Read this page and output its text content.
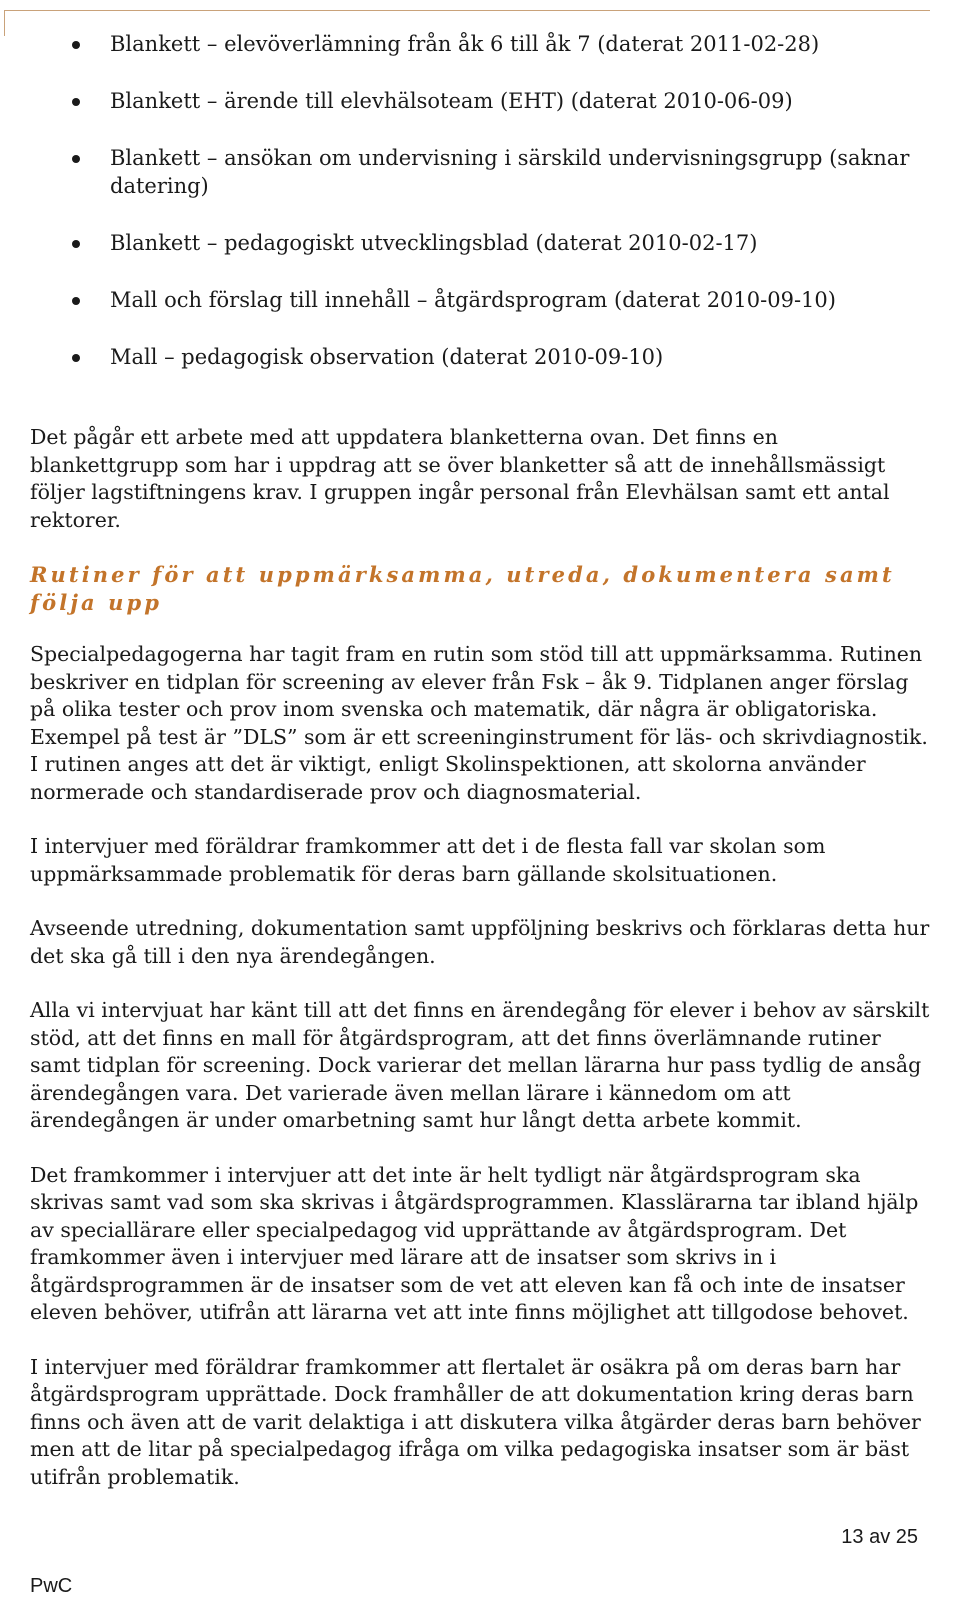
Blankett – elevöverlämning från åk 6 till åk 7 (daterat 2011-02-28)
Blankett – ärende till elevhälsoteam (EHT) (daterat 2010-06-09)
Blankett – ansökan om undervisning i särskild undervisningsgrupp (saknar datering)
Blankett – pedagogiskt utvecklingsblad (daterat 2010-02-17)
Mall och förslag till innehåll – åtgärdsprogram (daterat 2010-09-10)
Mall – pedagogisk observation (daterat 2010-09-10)

Det pågår ett arbete med att uppdatera blanketterna ovan. Det finns en blankettgrupp som har i uppdrag att se över blanketter så att de innehållsmässigt följer lagstiftningens krav. I gruppen ingår personal från Elevhälsan samt ett antal rektorer.

Rutiner för att uppmärksamma, utreda, dokumentera samt följa upp

Specialpedagogerna har tagit fram en rutin som stöd till att uppmärksamma. Rutinen beskriver en tidplan för screening av elever från Fsk – åk 9. Tidplanen anger förslag på olika tester och prov inom svenska och matematik, där några är obligatoriska. Exempel på test är ”DLS” som är ett screeninginstrument för läs- och skrivdiagnostik. I rutinen anges att det är viktigt, enligt Skolinspektionen, att skolorna använder normerade och standardiserade prov och diagnosmaterial.

I intervjuer med föräldrar framkommer att det i de flesta fall var skolan som uppmärksammade problematik för deras barn gällande skolsituationen.

Avseende utredning, dokumentation samt uppföljning beskrivs och förklaras detta hur det ska gå till i den nya ärendegången.

Alla vi intervjuat har känt till att det finns en ärendegång för elever i behov av särskilt stöd, att det finns en mall för åtgärdsprogram, att det finns överlämnande rutiner samt tidplan för screening. Dock varierar det mellan lärarna hur pass tydlig de ansåg ärendegången vara. Det varierade även mellan lärare i kännedom om att ärendegången är under omarbetning samt hur långt detta arbete kommit.

Det framkommer i intervjuer att det inte är helt tydligt när åtgärdsprogram ska skrivas samt vad som ska skrivas i åtgärdsprogrammen. Klasslärarna tar ibland hjälp av speciallärare eller specialpedagog vid upprättande av åtgärdsprogram. Det framkommer även i intervjuer med lärare att de insatser som skrivs in i åtgärdsprogrammen är de insatser som de vet att eleven kan få och inte de insatser eleven behöver, utifrån att lärarna vet att inte finns möjlighet att tillgodose behovet.

I intervjuer med föräldrar framkommer att flertalet är osäkra på om deras barn har åtgärdsprogram upprättade. Dock framhåller de att dokumentation kring deras barn finns och även att de varit delaktiga i att diskutera vilka åtgärder deras barn behöver men att de litar på specialpedagog ifråga om vilka pedagogiska insatser som är bäst utifrån problematik.

13 av 25
PwC
